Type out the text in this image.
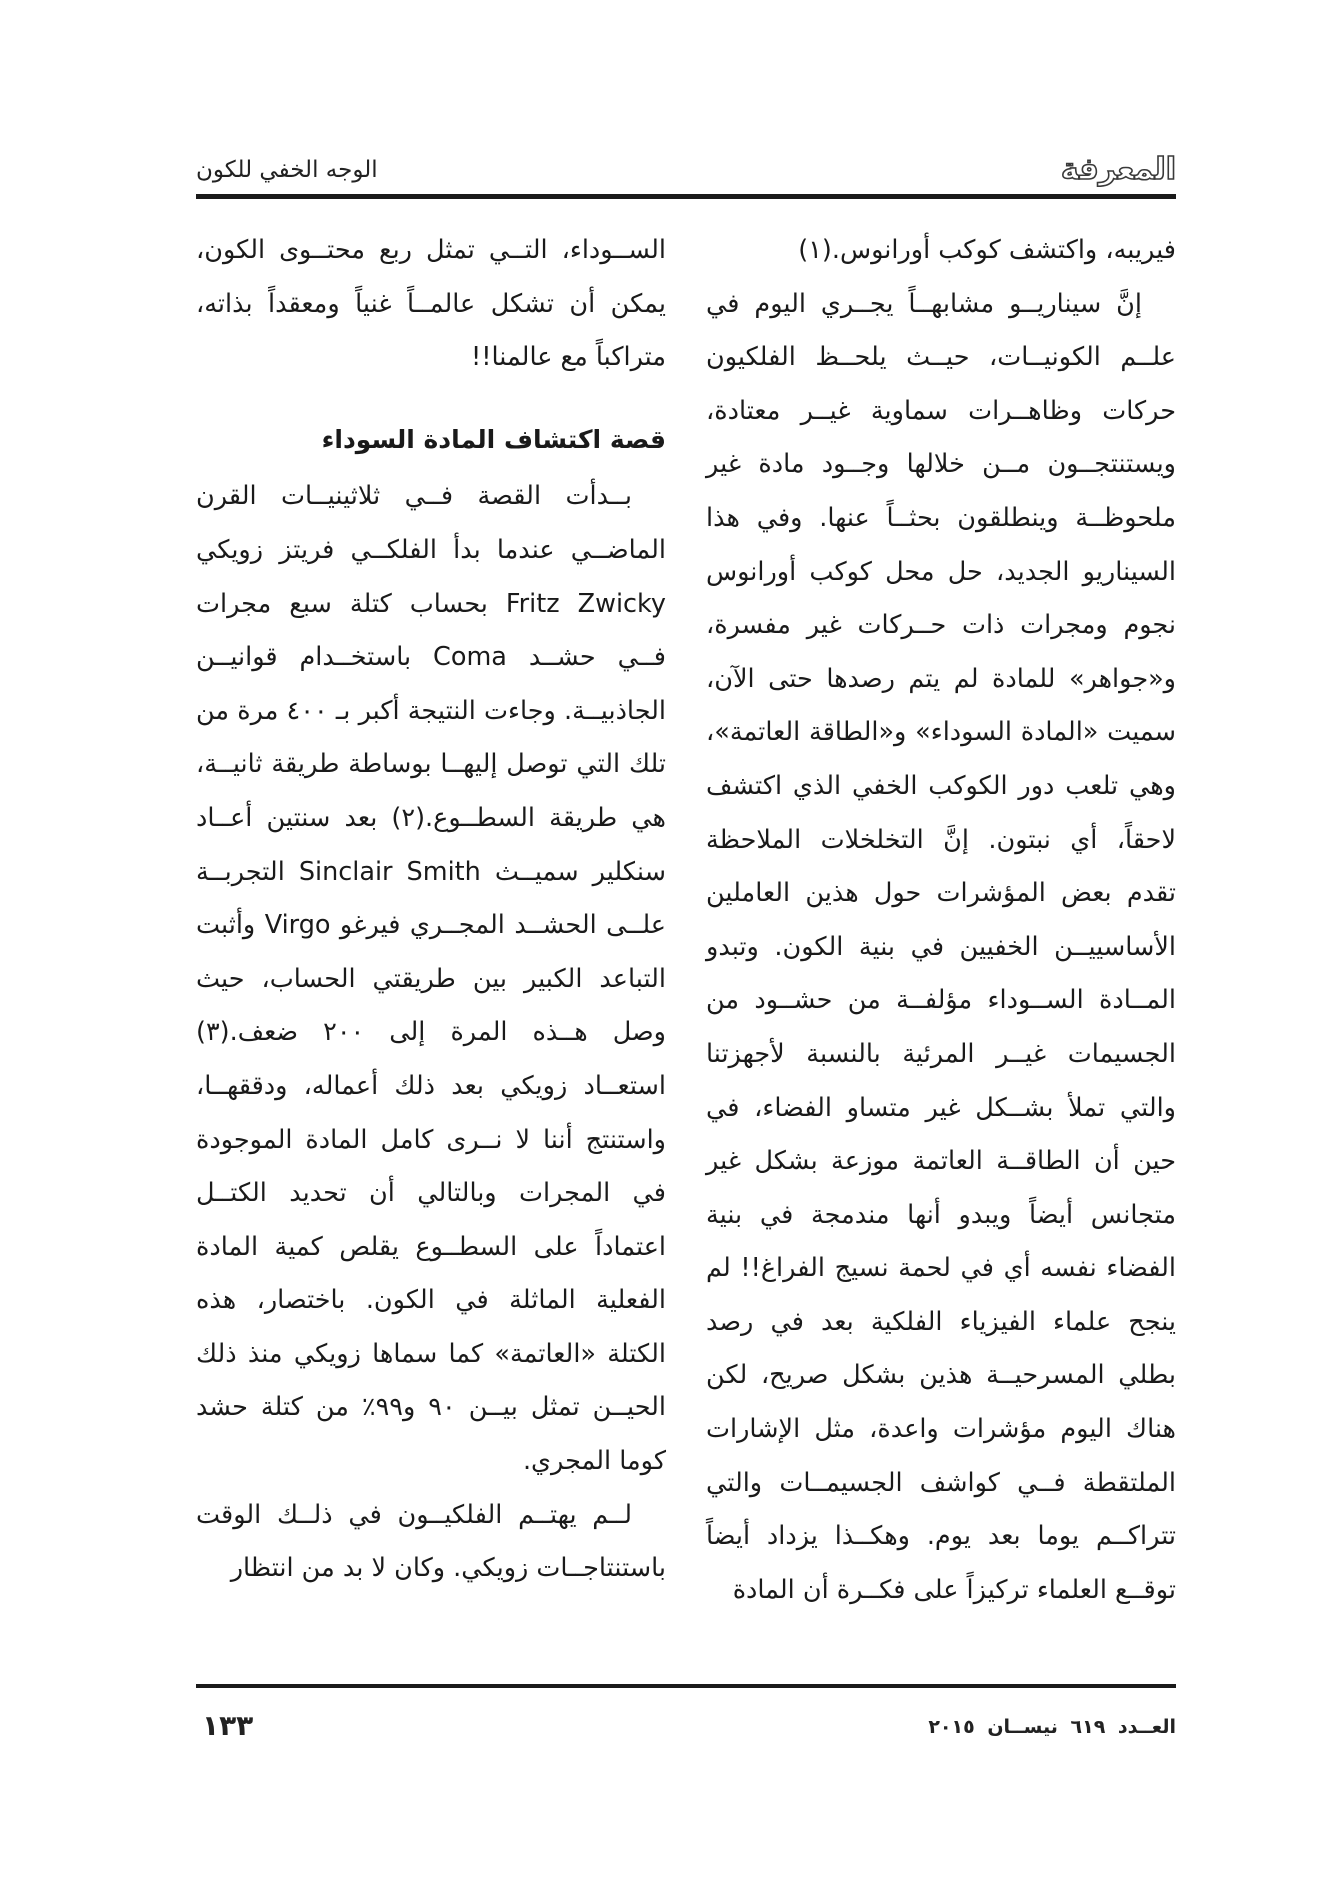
المعرفة
الوجه الخفي للكون

فيريبه، واكتشف كوكب أورانوس.(١)

إنَّ سيناريــو مشابهــاً يجــري اليوم في علــم الكونيــات، حيــث يلحــظ الفلكيون حركات وظاهــرات سماوية غيــر معتادة، ويستنتجــون مــن خلالها وجــود مادة غير ملحوظــة وينطلقون بحثــاً عنها. وفي هذا السيناريو الجديد، حل محل كوكب أورانوس نجوم ومجرات ذات حــركات غير مفسرة، و«جواهر» للمادة لم يتم رصدها حتى الآن، سميت «المادة السوداء» و«الطاقة العاتمة»، وهي تلعب دور الكوكب الخفي الذي اكتشف لاحقاً، أي نبتون. إنَّ التخلخلات الملاحظة تقدم بعض المؤشرات حول هذين العاملين الأساسييــن الخفيين في بنية الكون. وتبدو المــادة الســوداء مؤلفــة من حشــود من الجسيمات غيــر المرئية بالنسبة لأجهزتنا والتي تملأ بشــكل غير متساو الفضاء، في حين أن الطاقــة العاتمة موزعة بشكل غير متجانس أيضاً ويبدو أنها مندمجة في بنية الفضاء نفسه أي في لحمة نسيج الفراغ!! لم ينجح علماء الفيزياء الفلكية بعد في رصد بطلي المسرحيــة هذين بشكل صريح، لكن هناك اليوم مؤشرات واعدة، مثل الإشارات الملتقطة فــي كواشف الجسيمــات والتي تتراكــم يوما بعد يوم. وهكــذا يزداد أيضاً توقــع العلماء تركيزاً على فكــرة أن المادة

الســوداء، التــي تمثل ربع محتــوى الكون، يمكن أن تشكل عالمــاً غنياً ومعقداً بذاته، متراكباً مع عالمنا!!

قصة اكتشاف المادة السوداء

بــدأت القصة فــي ثلاثينيــات القرن الماضــي عندما بدأ الفلكــي فريتز زويكي Fritz Zwicky بحساب كتلة سبع مجرات فــي حشــد Coma باستخــدام قوانيــن الجاذبيــة. وجاءت النتيجة أكبر بـ ٤٠٠ مرة من تلك التي توصل إليهــا بوساطة طريقة ثانيــة، هي طريقة السطــوع.(٢) بعد سنتين أعــاد سنكلير سميــث Sinclair Smith التجربــة علــى الحشــد المجــري فيرغو Virgo وأثبت التباعد الكبير بين طريقتي الحساب، حيث وصل هــذه المرة إلى ٢٠٠ ضعف.(٣) استعــاد زويكي بعد ذلك أعماله، ودققهــا، واستنتج أننا لا نــرى كامل المادة الموجودة في المجرات وبالتالي أن تحديد الكتــل اعتماداً على السطــوع يقلص كمية المادة الفعلية الماثلة في الكون. باختصار، هذه الكتلة «العاتمة» كما سماها زويكي منذ ذلك الحيــن تمثل بيــن ٩٠ و٩٩٪ من كتلة حشد كوما المجري.

لــم يهتــم الفلكيــون في ذلــك الوقت باستنتاجــات زويكي. وكان لا بد من انتظار

العــدد ٦١٩ نيســان ٢٠١٥
١٣٣
